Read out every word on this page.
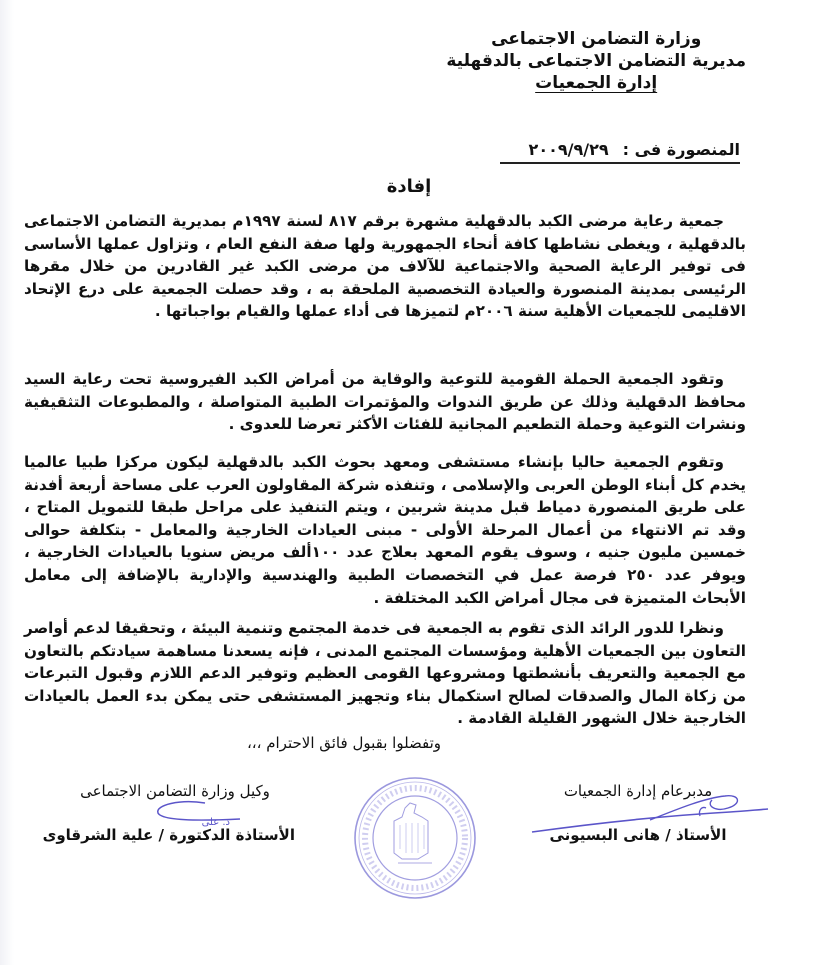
وزارة التضامن الاجتماعى
مديرية التضامن الاجتماعى بالدقهلية
إدارة الجمعيات
المنصورة فى :
٢٠٠٩/٩/٢٩
إفادة
جمعية رعاية مرضى الكبد بالدقهلية مشهرة برقم ٨١٧ لسنة ١٩٩٧م بمديرية التضامن الاجتماعى بالدقهلية ، ويغطى نشاطها كافة أنحاء الجمهورية ولها صفة النفع العام ، وتزاول عملها الأساسى فى توفير الرعاية الصحية والاجتماعية للآلاف من مرضى الكبد غير القادرين من خلال مقرها الرئيسى بمدينة المنصورة والعيادة التخصصية الملحقة به ، وقد حصلت الجمعية على درع الإتحاد الاقليمى للجمعيات الأهلية سنة ٢٠٠٦م لتميزها فى أداء عملها والقيام بواجباتها .
وتقود الجمعية الحملة القومية للتوعية والوقاية من أمراض الكبد الفيروسية تحت رعاية السيد محافظ الدقهلية وذلك عن طريق الندوات والمؤتمرات الطبية المتواصلة ، والمطبوعات التثقيفية ونشرات التوعية وحملة التطعيم المجانية للفئات الأكثر تعرضا للعدوى .
وتقوم الجمعية حاليا بإنشاء مستشفى ومعهد بحوث الكبد بالدقهلية ليكون مركزا طبيا عالميا يخدم كل أبناء الوطن العربى والإسلامى ، وتنفذه شركة المقاولون العرب على مساحة أربعة أفدنة على طريق المنصورة دمياط قبل مدينة شربين ، ويتم التنفيذ على مراحل طبقا للتمويل المتاح ، وقد تم الانتهاء من أعمال المرحلة الأولى - مبنى العيادات الخارجية والمعامل - بتكلفة حوالى خمسين مليون جنيه ، وسوف يقوم المعهد بعلاج عدد ١٠٠ألف مريض سنويا بالعيادات الخارجية ، ويوفر عدد ٢٥٠ فرصة عمل في التخصصات الطبية والهندسية والإدارية بالإضافة إلى معامل الأبحاث المتميزة فى مجال أمراض الكبد المختلفة .
ونظرا للدور الرائد الذى تقوم به الجمعية فى خدمة المجتمع وتنمية البيئة ، وتحقيقا لدعم أواصر التعاون بين الجمعيات الأهلية ومؤسسات المجتمع المدنى ، فإنه يسعدنا مساهمة سيادتكم بالتعاون مع الجمعية والتعريف بأنشطتها ومشروعها القومى العظيم وتوفير الدعم اللازم وقبول التبرعات من زكاة المال والصدقات لصالح استكمال بناء وتجهيز المستشفى حتى يمكن بدء العمل بالعيادات الخارجية خلال الشهور القليلة القادمة .
وتفضلوا بقبول فائق الاحترام ،،،
مدبرعام إدارة الجمعيات
الأستاذ / هانى البسيونى
وكيل وزارة التضامن الاجتماعى
الأستاذة الدكتورة / علية الشرقاوى
د. على
